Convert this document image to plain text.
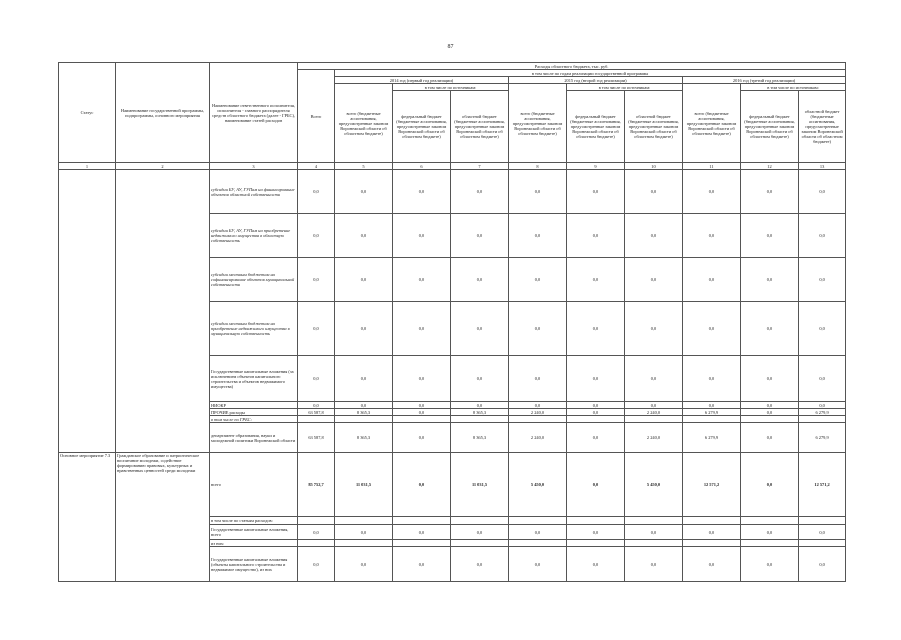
87
Статус	Наименование государственной программы, подпрограммы, основного мероприятия	Наименование ответственного исполнителя, исполнителя - главного распорядителя средств областного бюджета (далее - ГРБС), наименование статей расходов	Расходы областного бюджета, тыс. руб.									
			Всего	в том числе по годам реализации государственной программы								
				2014 год (первый год реализации)			2015 год (второй год реализации)			2016 год (третий год реализации)		
				всего (бюджетные ассигнования, предусмотренные законом Воронежской области об областном бюджете)	в том числе по источникам:		всего (бюджетные ассигнования, предусмотренные законом Воронежской области об областном бюджете)	в том числе по источникам:		всего (бюджетные ассигнования, предусмотренные законом Воронежской области об областном бюджете)	в том числе по источникам:	
					федеральный бюджет (бюджетные ассигнования, предусмотренные законом Воронежской области об областном бюджете)	областной бюджет (бюджетные ассигнования, предусмотренные законом Воронежской области об областном бюджете)		федеральный бюджет (бюджетные ассигнования, предусмотренные законом Воронежской области об областном бюджете)	областной бюджет (бюджетные ассигнования, предусмотренные законом Воронежской области об областном бюджете)		федеральный бюджет (бюджетные ассигнования, предусмотренные законом Воронежской области об областном бюджете)	областной бюджет (бюджетные ассигнования, предусмотренные законом Воронежской области об областном бюджете)
1	2	3	4	5	6	7	8	9	10	11	12	13
		субсидии БУ, АУ, ГУПам на финансирование объектов областной собственности	0,0	0,0	0,0	0,0	0,0	0,0	0,0	0,0	0,0	0,0
		субсидии БУ, АУ, ГУПам на приобретение недвижимого имущества в областную собственность	0,0	0,0	0,0	0,0	0,0	0,0	0,0	0,0	0,0	0,0
		субсидии местным бюджетам на софинансирование объектов муниципальной собственности	0,0	0,0	0,0	0,0	0,0	0,0	0,0	0,0	0,0	0,0
		субсидии местным бюджетам на приобретение недвижимого имущества в муниципальную собственность	0,0	0,0	0,0	0,0	0,0	0,0	0,0	0,0	0,0	0,0
		Государственные капитальные вложения (за исключением объектов капитального строительства и объектов недвижимого имущества)	0,0	0,0	0,0	0,0	0,0	0,0	0,0	0,0	0,0	0,0
		НИОКР	0,0	0,0	0,0	0,0	0,0	0,0	0,0	0,0	0,0	0,0
		ПРОЧИЕ расходы	63 587,8	8 365,3	0,0	8 365,3	2 240,0	0,0	2 240,0	6 279,9	0,0	6 279,9
		в том числе по ГРБС:										
		департамент образования, науки и молодежной политики Воронежской области	63 587,8	8 365,3	0,0	8 365,3	2 240,0	0,0	2 240,0	6 279,9	0,0	6 279,9
Основное мероприятие 7.3	Гражданское образование и патриотическое воспитание молодежи, содействие формированию правовых, культурных и нравственных ценностей среди молодежи	всего	85 752,7	11 031,5	0,0	11 031,5	5 450,0	0,0	5 450,0	12 571,2	0,0	12 571,2
		в том числе по статьям расходов:										
		Государственные капитальные вложения, всего	0,0	0,0	0,0	0,0	0,0	0,0	0,0	0,0	0,0	0,0
		из них:										
		Государственные капитальные вложения (объекты капитального строительства и недвижимое имущество), из них	0,0	0,0	0,0	0,0	0,0	0,0	0,0	0,0	0,0	0,0
